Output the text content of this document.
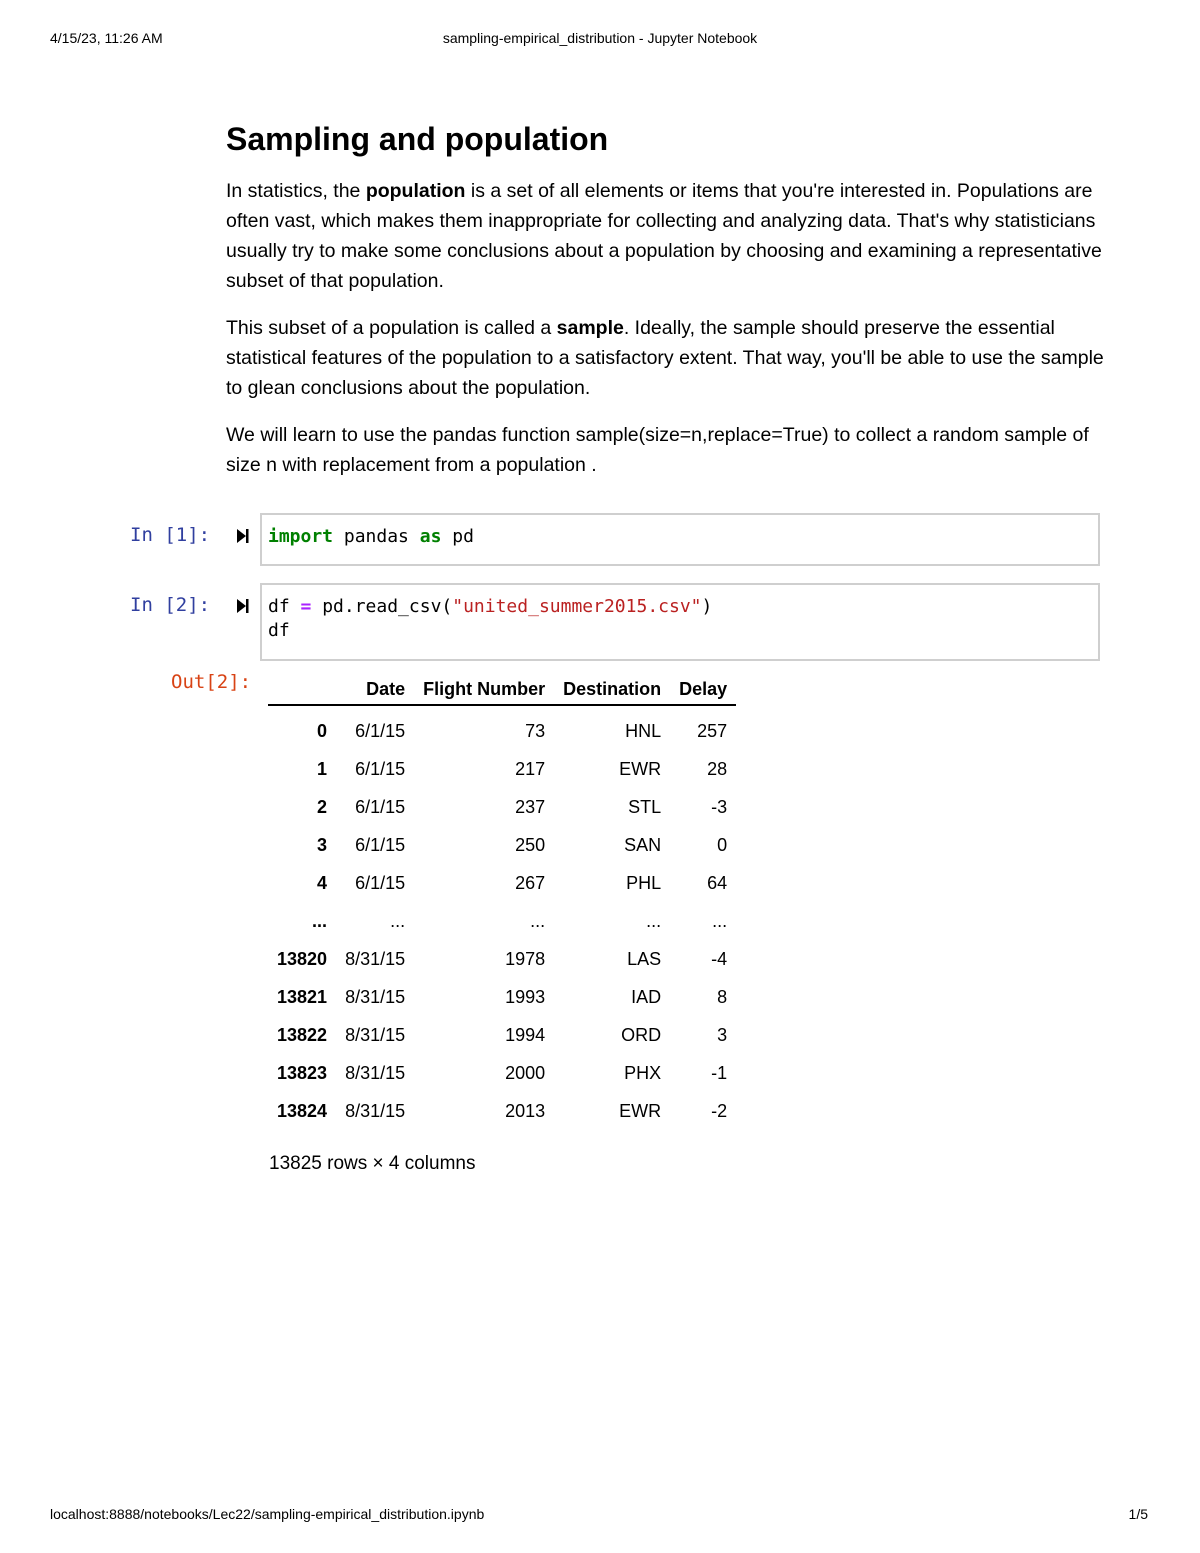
4/15/23, 11:26 AM	sampling-empirical_distribution - Jupyter Notebook
Sampling and population

In statistics, the population is a set of all elements or items that you're interested in. Populations are often vast, which makes them inappropriate for collecting and analyzing data. That's why statisticians usually try to make some conclusions about a population by choosing and examining a representative subset of that population.

This subset of a population is called a sample. Ideally, the sample should preserve the essential statistical features of the population to a satisfactory extent. That way, you'll be able to use the sample to glean conclusions about the population.

We will learn to use the pandas function sample(size=n,replace=True) to collect a random sample of size n with replacement from a population .

In [1]:	import pandas as pd
In [2]:	df = pd.read_csv("united_summer2015.csv")
df
Out[2]:
		Date	Flight Number	Destination	Delay
0	6/1/15	73	HNL	257
1	6/1/15	217	EWR	28
2	6/1/15	237	STL	-3
3	6/1/15	250	SAN	0
4	6/1/15	267	PHL	64
...	...	...	...	...
13820	8/31/15	1978	LAS	-4
13821	8/31/15	1993	IAD	8
13822	8/31/15	1994	ORD	3
13823	8/31/15	2000	PHX	-1
13824	8/31/15	2013	EWR	-2
13825 rows × 4 columns
localhost:8888/notebooks/Lec22/sampling-empirical_distribution.ipynb	1/5
